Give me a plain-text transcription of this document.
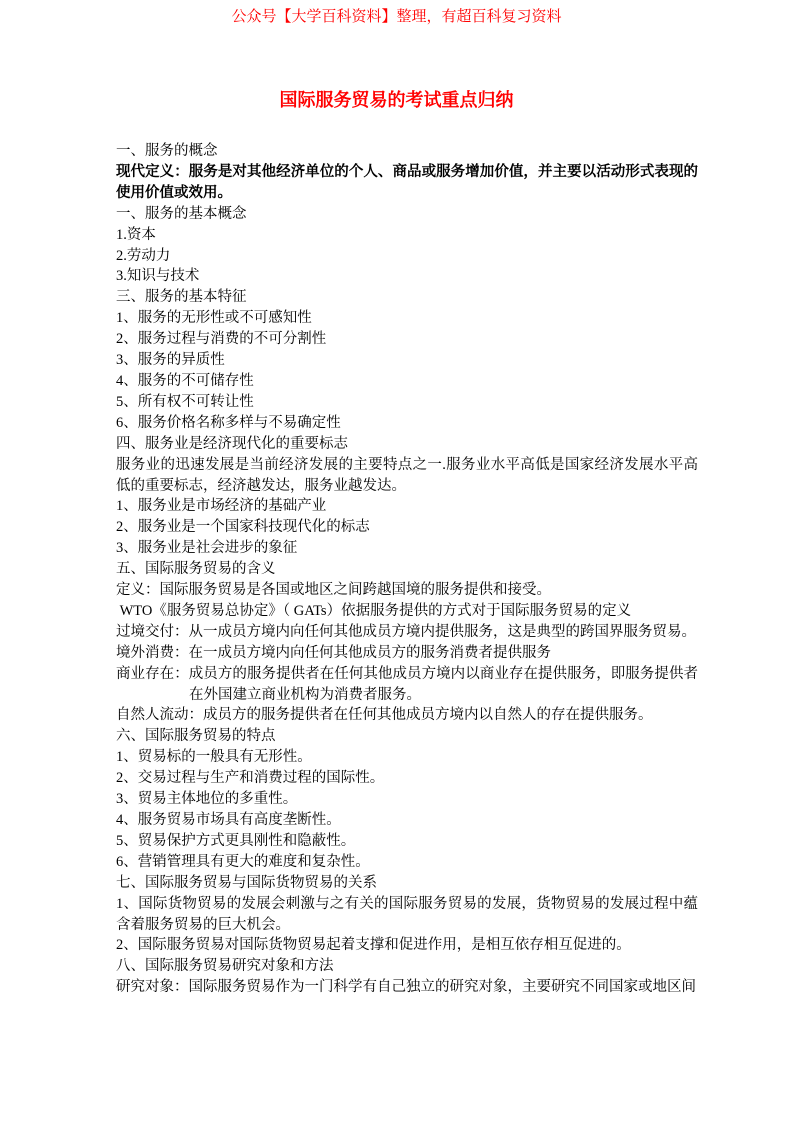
公众号【大学百科资料】整理，有超百科复习资料
国际服务贸易的考试重点归纳

一、服务的概念

现代定义：服务是对其他经济单位的个人、商品或服务增加价值，并主要以活动形式表现的使用价值或效用。

一、服务的基本概念

1.资本

2.劳动力

3.知识与技术

三、服务的基本特征

1、服务的无形性或不可感知性

2、服务过程与消费的不可分割性

3、服务的异质性

4、服务的不可储存性

5、所有权不可转让性

6、服务价格名称多样与不易确定性

四、服务业是经济现代化的重要标志

服务业的迅速发展是当前经济发展的主要特点之一.服务业水平高低是国家经济发展水平高低的重要标志，经济越发达，服务业越发达。

1、服务业是市场经济的基础产业

2、服务业是一个国家科技现代化的标志

3、服务业是社会进步的象征

五、国际服务贸易的含义

定义：国际服务贸易是各国或地区之间跨越国境的服务提供和接受。

WTO《服务贸易总协定》（ GATs）依据服务提供的方式对于国际服务贸易的定义

过境交付：从一成员方境内向任何其他成员方境内提供服务，这是典型的跨国界服务贸易。

境外消费：在一成员方境内向任何其他成员方的服务消费者提供服务

商业存在：成员方的服务提供者在任何其他成员方境内以商业存在提供服务，即服务提供者在外国建立商业机构为消费者服务。

自然人流动：成员方的服务提供者在任何其他成员方境内以自然人的存在提供服务。

六、国际服务贸易的特点

1、贸易标的一般具有无形性。

2、交易过程与生产和消费过程的国际性。

3、贸易主体地位的多重性。

4、服务贸易市场具有高度垄断性。

5、贸易保护方式更具刚性和隐蔽性。

6、营销管理具有更大的难度和复杂性。

七、国际服务贸易与国际货物贸易的关系

1、国际货物贸易的发展会刺激与之有关的国际服务贸易的发展，货物贸易的发展过程中蕴含着服务贸易的巨大机会。

2、国际服务贸易对国际货物贸易起着支撑和促进作用，是相互依存相互促进的。

八、国际服务贸易研究对象和方法

研究对象：国际服务贸易作为一门科学有自己独立的研究对象，主要研究不同国家或地区间
